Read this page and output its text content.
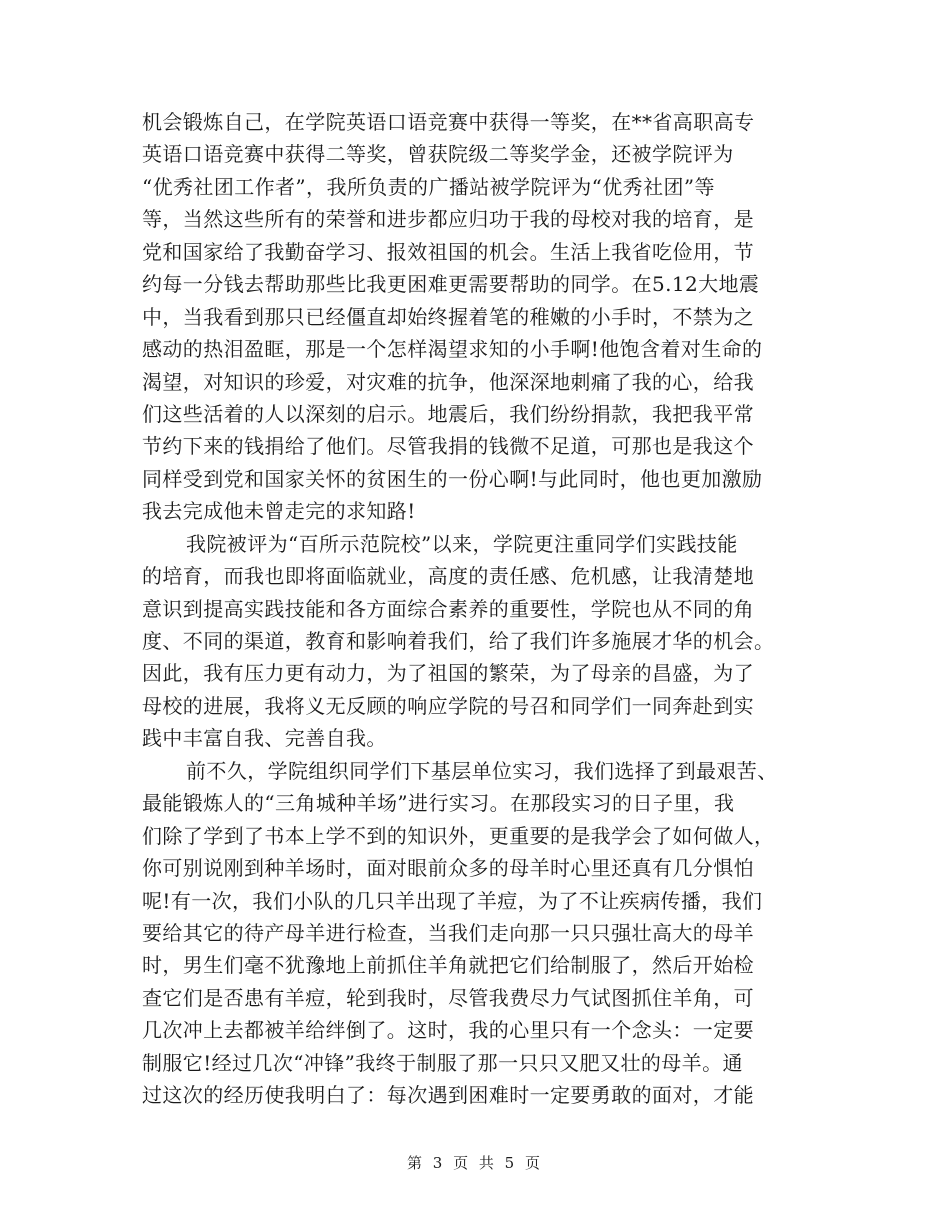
机会锻炼自己，在学院英语口语竞赛中获得一等奖，在**省高职高专
英语口语竞赛中获得二等奖，曾获院级二等奖学金，还被学院评为
“优秀社团工作者”，我所负责的广播站被学院评为“优秀社团”等
等，当然这些所有的荣誉和进步都应归功于我的母校对我的培育，是
党和国家给了我勤奋学习、报效祖国的机会。生活上我省吃俭用，节
约每一分钱去帮助那些比我更困难更需要帮助的同学。在5.12大地震
中，当我看到那只已经僵直却始终握着笔的稚嫩的小手时，不禁为之
感动的热泪盈眶，那是一个怎样渴望求知的小手啊!他饱含着对生命的
渴望，对知识的珍爱，对灾难的抗争，他深深地刺痛了我的心，给我
们这些活着的人以深刻的启示。地震后，我们纷纷捐款，我把我平常
节约下来的钱捐给了他们。尽管我捐的钱微不足道，可那也是我这个
同样受到党和国家关怀的贫困生的一份心啊!与此同时，他也更加激励
我去完成他未曾走完的求知路!
我院被评为“百所示范院校”以来，学院更注重同学们实践技能
的培育，而我也即将面临就业，高度的责任感、危机感，让我清楚地
意识到提高实践技能和各方面综合素养的重要性，学院也从不同的角
度、不同的渠道，教育和影响着我们，给了我们许多施展才华的机会。
因此，我有压力更有动力，为了祖国的繁荣，为了母亲的昌盛，为了
母校的进展，我将义无反顾的响应学院的号召和同学们一同奔赴到实
践中丰富自我、完善自我。
前不久，学院组织同学们下基层单位实习，我们选择了到最艰苦、
最能锻炼人的“三角城种羊场”进行实习。在那段实习的日子里，我
们除了学到了书本上学不到的知识外，更重要的是我学会了如何做人，
你可别说刚到种羊场时，面对眼前众多的母羊时心里还真有几分惧怕
呢!有一次，我们小队的几只羊出现了羊痘，为了不让疾病传播，我们
要给其它的待产母羊进行检查，当我们走向那一只只强壮高大的母羊
时，男生们毫不犹豫地上前抓住羊角就把它们给制服了，然后开始检
查它们是否患有羊痘，轮到我时，尽管我费尽力气试图抓住羊角，可
几次冲上去都被羊给绊倒了。这时，我的心里只有一个念头：一定要
制服它!经过几次“冲锋”我终于制服了那一只只又肥又壮的母羊。通
过这次的经历使我明白了：每次遇到困难时一定要勇敢的面对，才能
第 3 页 共 5 页
